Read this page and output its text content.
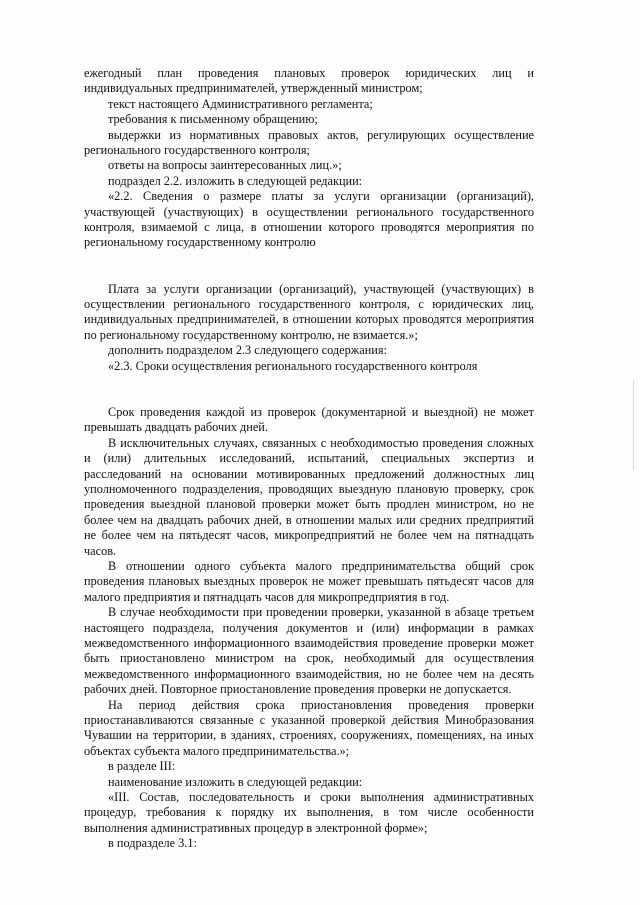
ежегодный план проведения плановых проверок юридических лиц и индивидуальных предпринимателей, утвержденный министром;

текст настоящего Административного регламента;

требования к письменному обращению;

выдержки из нормативных правовых актов, регулирующих осуществление регионального государственного контроля;

ответы на вопросы заинтересованных лиц.»;

подраздел 2.2. изложить в следующей редакции:

«2.2. Сведения о размере платы за услуги организации (организаций), участвующей (участвующих) в осуществлении регионального государственного контроля, взимаемой с лица, в отношении которого проводятся мероприятия по региональному государственному контролю

Плата за услуги организации (организаций), участвующей (участвующих) в осуществлении регионального государственного контроля, с юридических лиц, индивидуальных предпринимателей, в отношении которых проводятся мероприятия по региональному государственному контролю, не взимается.»;

дополнить подразделом 2.3 следующего содержания:

«2.3. Сроки осуществления регионального государственного контроля

Срок проведения каждой из проверок (документарной и выездной) не может превышать двадцать рабочих дней.

В исключительных случаях, связанных с необходимостью проведения сложных и (или) длительных исследований, испытаний, специальных экспертиз и расследований на основании мотивированных предложений должностных лиц уполномоченного подразделения, проводящих выездную плановую проверку, срок проведения выездной плановой проверки может быть продлен министром, но не более чем на двадцать рабочих дней, в отношении малых или средних предприятий не более чем на пятьдесят часов, микропредприятий не более чем на пятнадцать часов.

В отношении одного субъекта малого предпринимательства общий срок проведения плановых выездных проверок не может превышать пятьдесят часов для малого предприятия и пятнадцать часов для микропредприятия в год.

В случае необходимости при проведении проверки, указанной в абзаце третьем настоящего подраздела, получения документов и (или) информации в рамках межведомственного информационного взаимодействия проведение проверки может быть приостановлено министром на срок, необходимый для осуществления межведомственного информационного взаимодействия, но не более чем на десять рабочих дней. Повторное приостановление проведения проверки не допускается.

На период действия срока приостановления проведения проверки приостанавливаются связанные с указанной проверкой действия Минобразования Чувашии на территории, в зданиях, строениях, сооружениях, помещениях, на иных объектах субъекта малого предпринимательства.»;

в разделе III:

наименование изложить в следующей редакции:

«III. Состав, последовательность и сроки выполнения административных процедур, требования к порядку их выполнения, в том числе особенности выполнения административных процедур в электронной форме»;

в подразделе 3.1:
